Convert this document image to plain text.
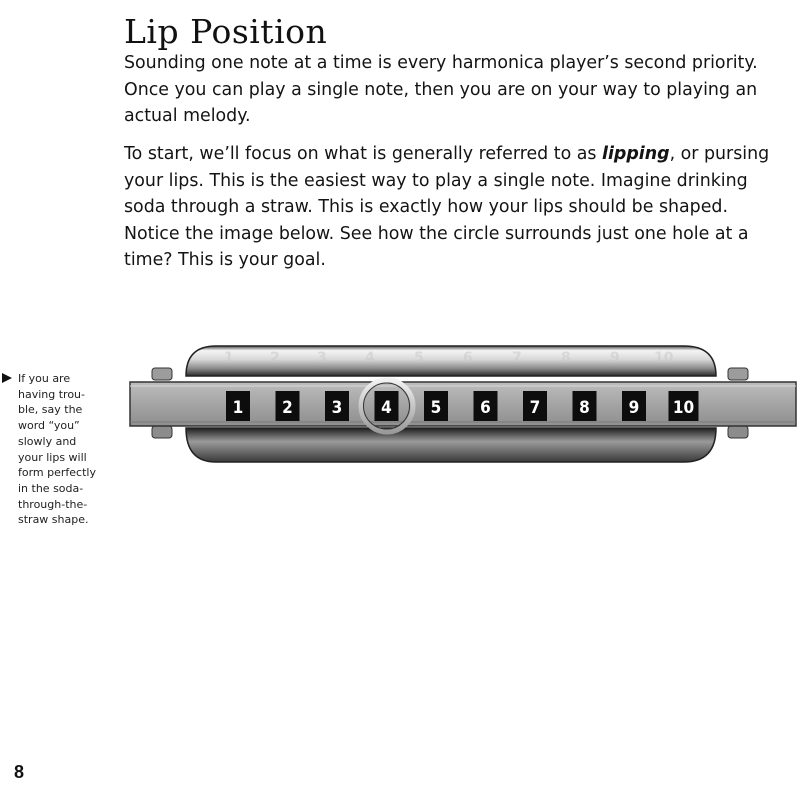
Lip Position

Sounding one note at a time is every harmonica player’s second priority. Once you can play a single note, then you are on your way to playing an actual melody.

To start, we’ll focus on what is generally referred to as lipping, or pursing your lips. This is the easiest way to play a single note. Imagine drinking soda through a straw. This is exactly how your lips should be shaped. Notice the image below. See how the circle surrounds just one hole at a time? This is your goal.

If you are
having trou-
ble, say the
word “you”
slowly and
your lips will
form perfectly
in the soda-
through-the-
straw shape.

1	2	3	4	5	6	7	8	9 10
1 2 3 4 5 6 7 8 9 10
8
